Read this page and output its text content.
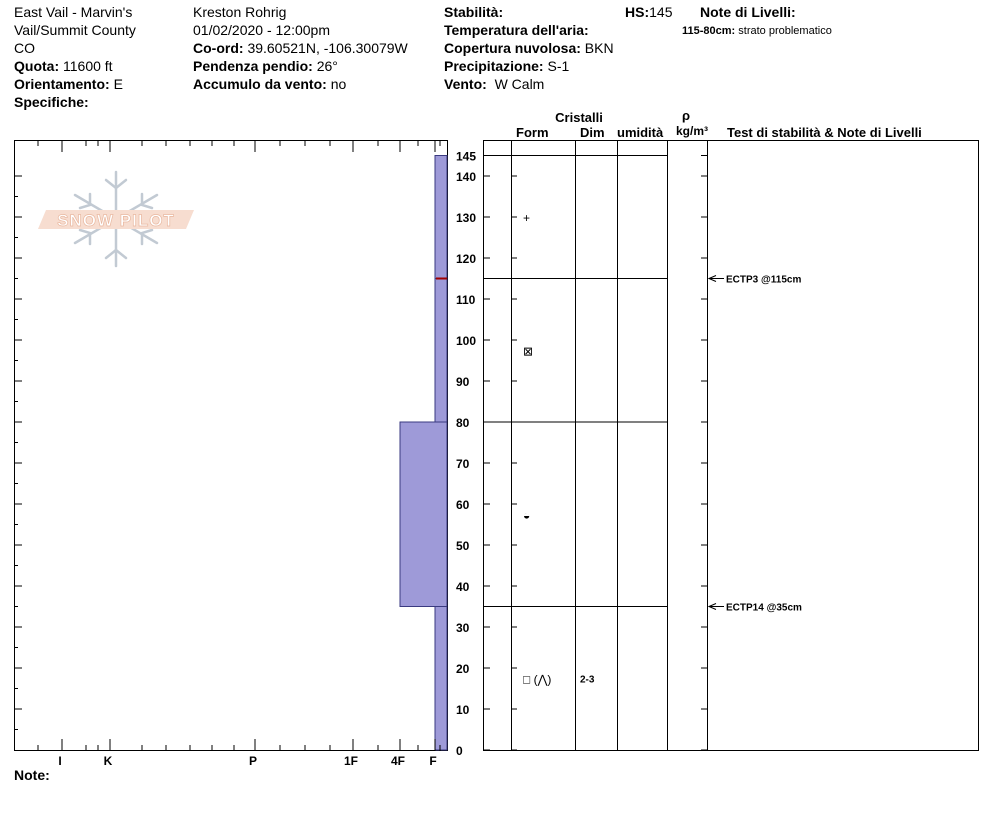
East Vail - Marvin's
Vail/Summit County
CO
Quota: 11600 ft
Orientamento: E
Specifiche:
Kreston Rohrig
01/02/2020 - 12:00pm
Co-ord: 39.60521N, -106.30079W
Pendenza pendio: 26°
Accumulo da vento: no
Stabilità:
Temperatura dell'aria:
Copertura nuvolosa: BKN
Precipitazione: S-1
Vento: W Calm
HS:145 Note di Livelli:
115-80cm: strato problematico
Cristalli
Form Dim umidità
ρ
kg/m³	Test di stabilità & Note di Livelli
Note:
SNOW PILOT
I	K	P	1F	4F F
0
10
20
30
40
50
60
70
80
90
100
110
120
130
140
145
+
⊠
◒
□ (⋀)	2-3
ECTP3 @115cm
ECTP14 @35cm
